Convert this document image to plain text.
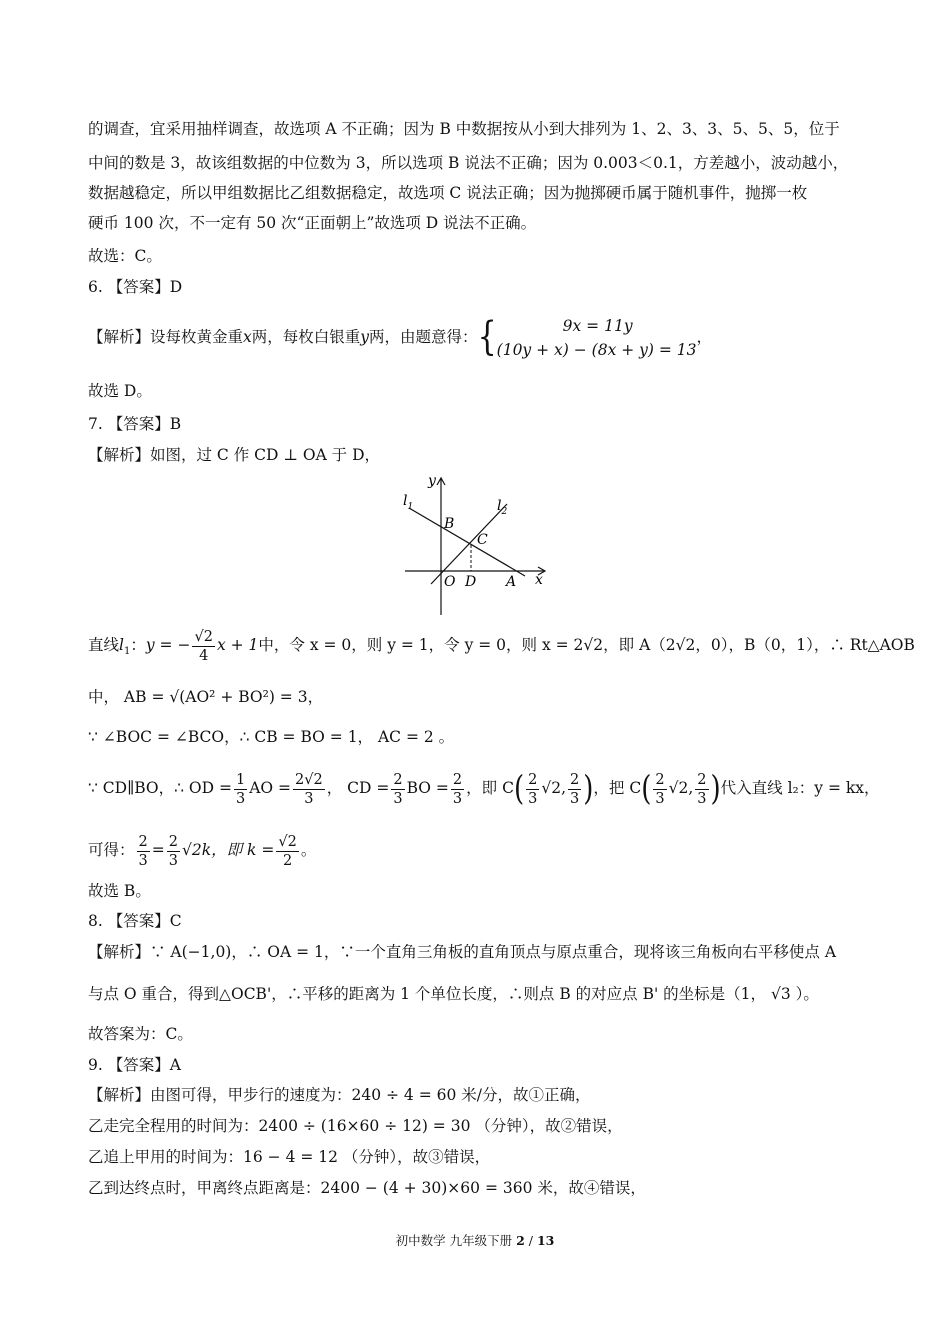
的调查，宜采用抽样调查，故选项 A 不正确；因为 B 中数据按从小到大排列为 1、2、3、3、5、5、5，位于
中间的数是 3，故该组数据的中位数为 3，所以选项 B 说法不正确；因为 0.003＜0.1，方差越小，波动越小，
数据越稳定，所以甲组数据比乙组数据稳定，故选项 C 说法正确；因为抛掷硬币属于随机事件，抛掷一枚
硬币 100 次，不一定有 50 次“正面朝上”故选项 D 说法不正确。
故选：C。
6. 【答案】D
【解析】设每枚黄金重x两，每枚白银重y两，由题意得：{	9x = 11y
(10y + x) − (8x + y) = 13
，
故选 D。
7. 【答案】B
【解析】如图，过 C 作 CD ⊥ OA 于 D，
y
x
$l_1$	$l_2$
B
C
O D A
直线$l_1$：y = − $\frac{√2}{4}$ x + 1中，令 x = 0，则 y = 1，令 y = 0，则 x = 2√2，即 A（2√2，0），B（0，1），∴ Rt△AOB
中， AB = √(AO² + BO²) = 3，
∵ ∠BOC = ∠BCO，∴ CB = BO = 1， AC = 2 。
∵ CD∥BO，∴ OD = $\frac{1}{3}$ AO = $\frac{2√2}{3}$ ， CD = $\frac{2}{3}$ BO = $\frac{2}{3}$ ，即 $C( \frac{2}{3} √2$, $\frac{2}{3}$ )，把 $C( \frac{2}{3} √2$, $\frac{2}{3}$ )代入直线 l₂：y = kx，
可得： $\frac{2}{3} = \frac{2}{3} √2k$，即 $k = \frac{√2}{2}$ 。
故选 B。
8. 【答案】C
【解析】∵ A(−1,0)，∴ OA = 1，∵一个直角三角板的直角顶点与原点重合，现将该三角板向右平移使点 A
与点 O 重合，得到△OCB'，∴平移的距离为 1 个单位长度，∴则点 B 的对应点 B' 的坐标是（1， √3 ）。
故答案为：C。
9. 【答案】A
【解析】由图可得，甲步行的速度为：240 ÷ 4 = 60 米/分，故①正确，
乙走完全程用的时间为：2400 ÷ (16×60 ÷ 12) = 30 （分钟），故②错误，
乙追上甲用的时间为：16 − 4 = 12 （分钟），故③错误，
乙到达终点时，甲离终点距离是：2400 − (4 + 30)×60 = 360 米，故④错误，
初中数学 九年级下册 2 / 13
